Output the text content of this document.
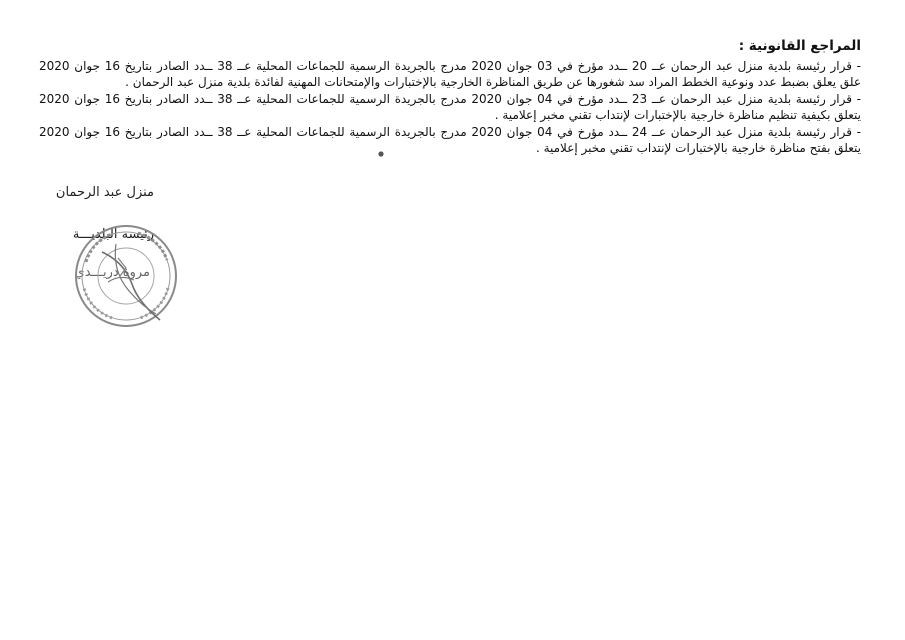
المراجع القانونية :

- قرار رئيسة بلدية منزل عبد الرحمان عــ 20 ــدد مؤرخ في 03 جوان 2020 مدرج بالجريدة الرسمية للجماعات المحلية عــ 38 ــدد الصادر بتاريخ 16 جوان 2020 علق يعلق بضبط عدد ونوعية الخطط المراد سد شغورها عن طريق المناظرة الخارجية بالإختبارات والإمتحانات المهنية لفائدة بلدية منزل عبد الرحمان .

- قرار رئيسة بلدية منزل عبد الرحمان عــ 23 ــدد مؤرخ في 04 جوان 2020 مدرج بالجريدة الرسمية للجماعات المحلية عــ 38 ــدد الصادر بتاريخ 16 جوان 2020 يتعلق بكيفية تنظيم مناظرة خارجية بالإختبارات لإنتداب تقني مخبر إعلامية .

- قرار رئيسة بلدية منزل عبد الرحمان عــ 24 ــدد مؤرخ في 04 جوان 2020 مدرج بالجريدة الرسمية للجماعات المحلية عــ 38 ــدد الصادر بتاريخ 16 جوان 2020 يتعلق بفتح مناظرة خارجية بالإختبارات لإنتداب تقني مخبر إعلامية .

منزل عبد الرحمان
رئيسة البلديـــة
مروة دريـــدي
